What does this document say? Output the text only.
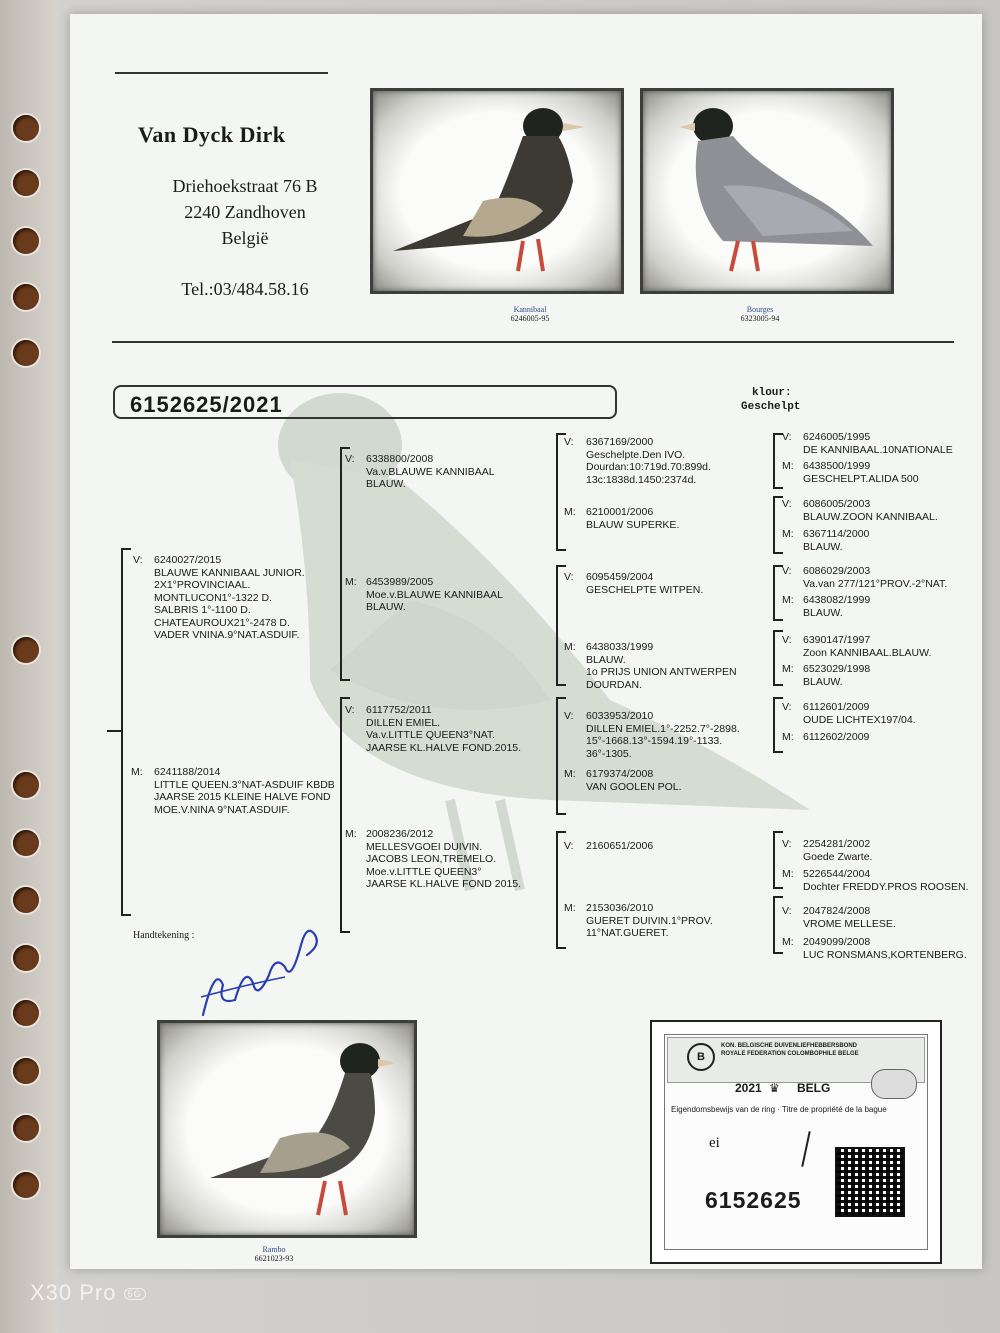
Van Dyck Dirk
Driehoekstraat 76 B
2240 Zandhoven
België
Tel.:03/484.58.16
Kannibaal
6246005-95
Bourges
6323005-94
6152625/2021	klour:
Geschelpt
V: 6240027/2015
BLAUWE KANNIBAAL JUNIOR.
2X1°PROVINCIAAL.
MONTLUCON1°-1322 D.
SALBRIS 1°-1100 D.
CHATEAUROUX21°-2478 D.
VADER VNINA.9°NAT.ASDUIF.
M: 6241188/2014
LITTLE QUEEN.3°NAT-ASDUIF KBDB
JAARSE 2015 KLEINE HALVE FOND
MOE.V.NINA 9°NAT.ASDUIF.
V: 6338800/2008
Va.v.BLAUWE KANNIBAAL
BLAUW.
M: 6453989/2005
Moe.v.BLAUWE KANNIBAAL
BLAUW.
V: 6117752/2011
DILLEN EMIEL.
Va.v.LITTLE QUEEN3°NAT.
JAARSE KL.HALVE FOND.2015.
M: 2008236/2012
MELLESVGOEI DUIVIN.
JACOBS LEON,TREMELO.
Moe.v.LITTLE QUEEN3°
JAARSE KL.HALVE FOND 2015.
V: 6367169/2000
Geschelpte.Den IVO.
Dourdan:10:719d.70:899d.
13c:1838d.1450:2374d.
M: 6210001/2006
BLAUW SUPERKE.
V: 6095459/2004
GESCHELPTE WITPEN.
M: 6438033/1999
BLAUW.
1o PRIJS UNION ANTWERPEN
DOURDAN.
V: 6033953/2010
DILLEN EMIEL.1°-2252.7°-2898.
15°-1668.13°-1594.19°-1133.
36°-1305.
M: 6179374/2008
VAN GOOLEN POL.
V: 2160651/2006
M: 2153036/2010
GUERET DUIVIN.1°PROV.
11°NAT.GUERET.
V: 6246005/1995
DE KANNIBAAL.10NATIONALE
M: 6438500/1999
GESCHELPT.ALIDA 500
V: 6086005/2003
BLAUW.ZOON KANNIBAAL.
M: 6367114/2000
BLAUW.
V: 6086029/2003
Va.van 277/121°PROV.-2°NAT.
M: 6438082/1999
BLAUW.
V: 6390147/1997
Zoon KANNIBAAL.BLAUW.
M: 6523029/1998
BLAUW.
V: 6112601/2009
OUDE LICHTEX197/04.
M: 6112602/2009
V: 2254281/2002
Goede Zwarte.
M: 5226544/2004
Dochter FREDDY.PROS ROOSEN.
V: 2047824/2008
VROME MELLESE.
M: 2049099/2008
LUC RONSMANS,KORTENBERG.
Handtekening :
Rambo
6621023-93
B
KON. BELGISCHE DUIVENLIEFHEBBERSBOND
ROYALE FEDERATION COLOMBOPHILE BELGE
2021 ♛ BELG
Eigendomsbewijs van de ring · Titre de propriété de la bague
ei
6152625
X30 Pro 5G
